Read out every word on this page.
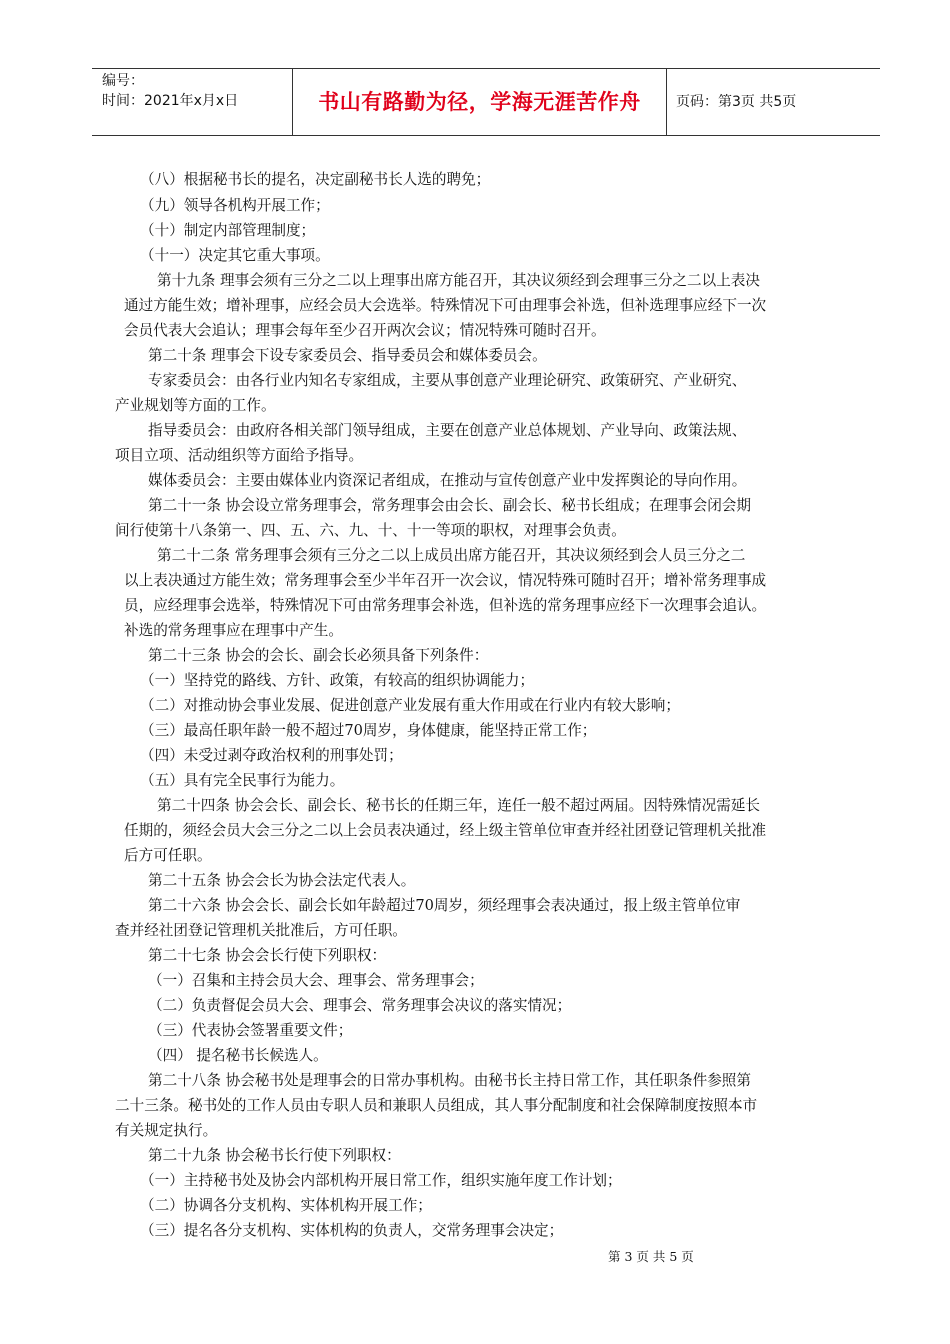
编号：
时间：2021年x月x日	书山有路勤为径，学海无涯苦作舟	页码：第3页 共5页
（八）根据秘书长的提名，决定副秘书长人选的聘免；
（九）领导各机构开展工作；
（十）制定内部管理制度；
（十一）决定其它重大事项。
第十九条 理事会须有三分之二以上理事出席方能召开，其决议须经到会理事三分之二以上表决
通过方能生效；增补理事，应经会员大会选举。特殊情况下可由理事会补选，但补选理事应经下一次
会员代表大会追认；理事会每年至少召开两次会议；情况特殊可随时召开。
第二十条 理事会下设专家委员会、指导委员会和媒体委员会。
专家委员会：由各行业内知名专家组成，主要从事创意产业理论研究、政策研究、产业研究、
产业规划等方面的工作。
指导委员会：由政府各相关部门领导组成，主要在创意产业总体规划、产业导向、政策法规、
项目立项、活动组织等方面给予指导。
媒体委员会：主要由媒体业内资深记者组成，在推动与宣传创意产业中发挥舆论的导向作用。
第二十一条 协会设立常务理事会，常务理事会由会长、副会长、秘书长组成；在理事会闭会期
间行使第十八条第一、四、五、六、九、十、十一等项的职权，对理事会负责。
第二十二条 常务理事会须有三分之二以上成员出席方能召开，其决议须经到会人员三分之二
以上表决通过方能生效；常务理事会至少半年召开一次会议，情况特殊可随时召开；增补常务理事成
员，应经理事会选举，特殊情况下可由常务理事会补选，但补选的常务理事应经下一次理事会追认。
补选的常务理事应在理事中产生。
第二十三条 协会的会长、副会长必须具备下列条件：
（一）坚持党的路线、方针、政策，有较高的组织协调能力；
（二）对推动协会事业发展、促进创意产业发展有重大作用或在行业内有较大影响；
（三）最高任职年龄一般不超过70周岁，身体健康，能坚持正常工作；
（四）未受过剥夺政治权利的刑事处罚；
（五）具有完全民事行为能力。
第二十四条 协会会长、副会长、秘书长的任期三年，连任一般不超过两届。因特殊情况需延长
任期的，须经会员大会三分之二以上会员表决通过，经上级主管单位审查并经社团登记管理机关批准
后方可任职。
第二十五条 协会会长为协会法定代表人。
第二十六条 协会会长、副会长如年龄超过70周岁，须经理事会表决通过，报上级主管单位审
查并经社团登记管理机关批准后，方可任职。
第二十七条 协会会长行使下列职权：
（一）召集和主持会员大会、理事会、常务理事会；
（二）负责督促会员大会、理事会、常务理事会决议的落实情况；
（三）代表协会签署重要文件；
（四） 提名秘书长候选人。
第二十八条 协会秘书处是理事会的日常办事机构。由秘书长主持日常工作，其任职条件参照第
二十三条。秘书处的工作人员由专职人员和兼职人员组成，其人事分配制度和社会保障制度按照本市
有关规定执行。
第二十九条 协会秘书长行使下列职权：
（一）主持秘书处及协会内部机构开展日常工作，组织实施年度工作计划；
（二）协调各分支机构、实体机构开展工作；
（三）提名各分支机构、实体机构的负责人，交常务理事会决定；
第 3 页 共 5 页
